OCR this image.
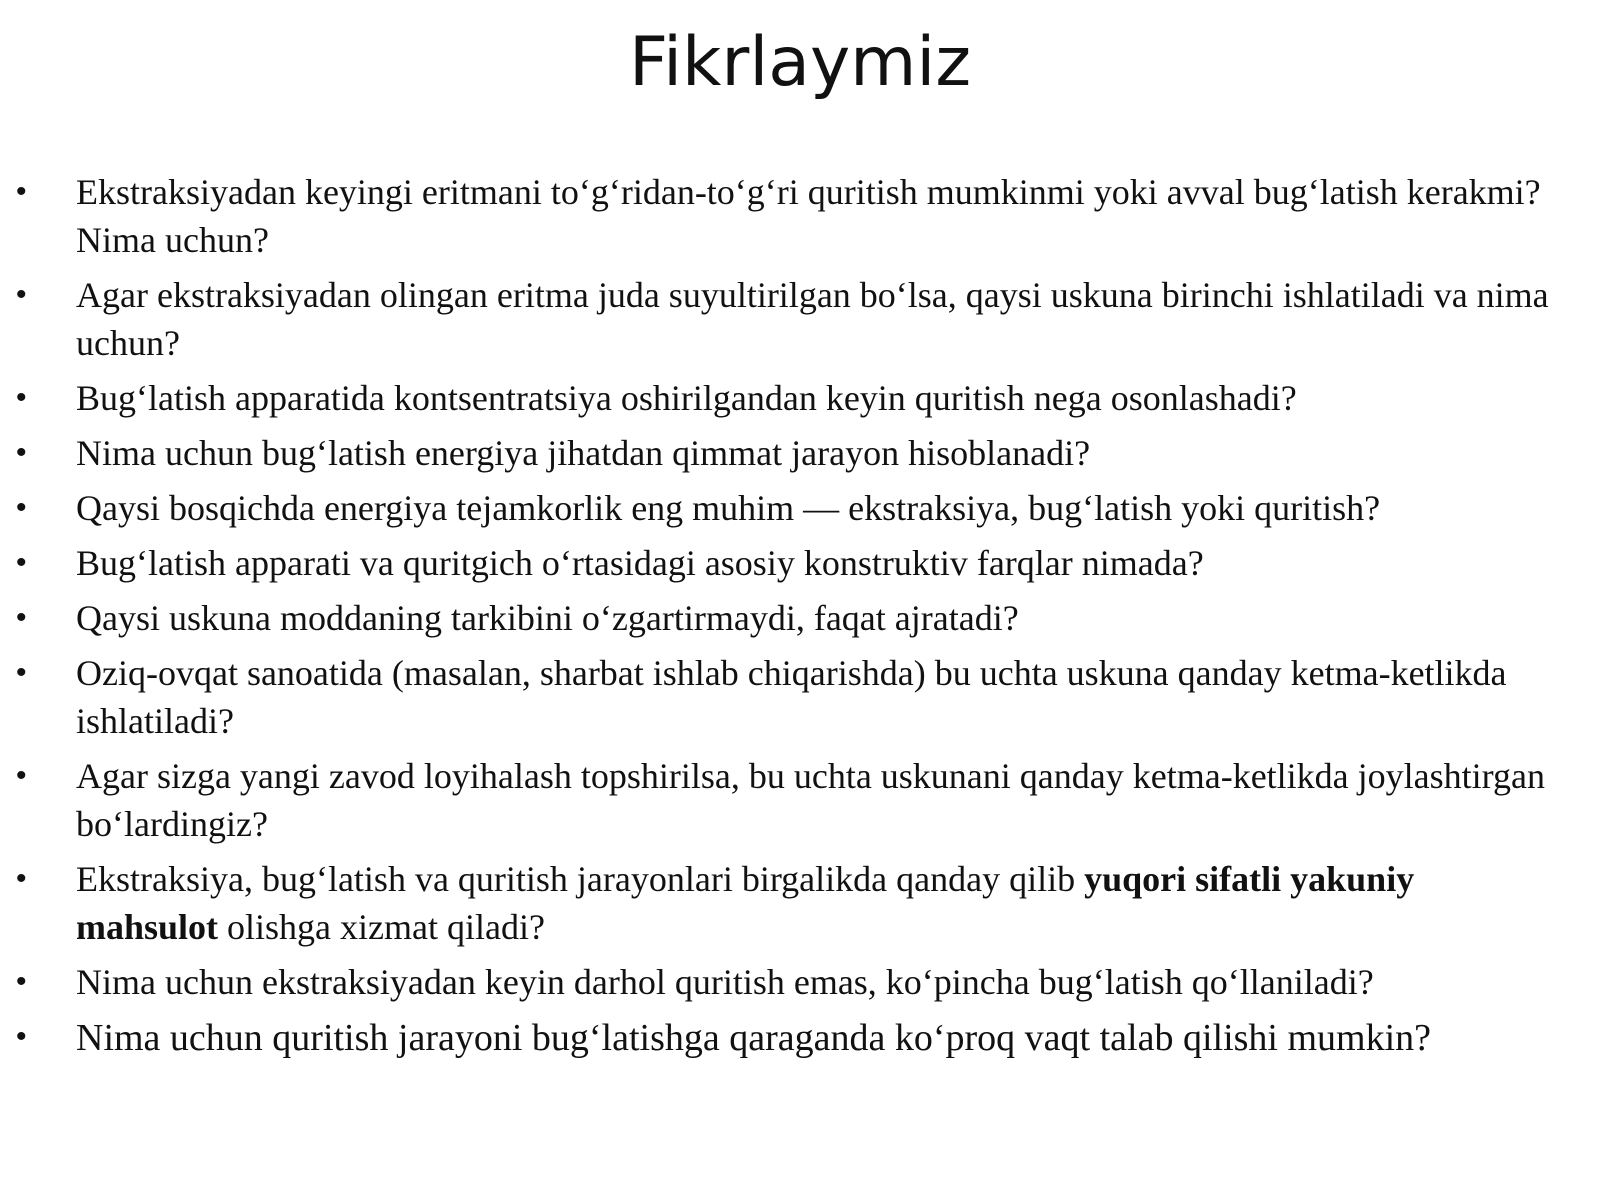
Fikrlaymiz
• Ekstraksiyadan keyingi eritmani to‘g‘ridan-to‘g‘ri quritish mumkinmi yoki avval bug‘latish kerakmi? Nima uchun?
• Agar ekstraksiyadan olingan eritma juda suyultirilgan bo‘lsa, qaysi uskuna birinchi ishlatiladi va nima uchun?
• Bug‘latish apparatida kontsentratsiya oshirilgandan keyin quritish nega osonlashadi?
• Nima uchun bug‘latish energiya jihatdan qimmat jarayon hisoblanadi?
• Qaysi bosqichda energiya tejamkorlik eng muhim — ekstraksiya, bug‘latish yoki quritish?
• Bug‘latish apparati va quritgich o‘rtasidagi asosiy konstruktiv farqlar nimada?
• Qaysi uskuna moddaning tarkibini o‘zgartirmaydi, faqat ajratadi?
• Oziq-ovqat sanoatida (masalan, sharbat ishlab chiqarishda) bu uchta uskuna qanday ketma-ketlikda ishlatiladi?
• Agar sizga yangi zavod loyihalash topshirilsa, bu uchta uskunani qanday ketma-ketlikda joylashtirgan bo‘lardingiz?
• Ekstraksiya, bug‘latish va quritish jarayonlari birgalikda qanday qilib yuqori sifatli yakuniy mahsulot olishga xizmat qiladi?
• Nima uchun ekstraksiyadan keyin darhol quritish emas, ko‘pincha bug‘latish qo‘llaniladi?
• Nima uchun quritish jarayoni bug‘latishga qaraganda ko‘proq vaqt talab qilishi mumkin?
